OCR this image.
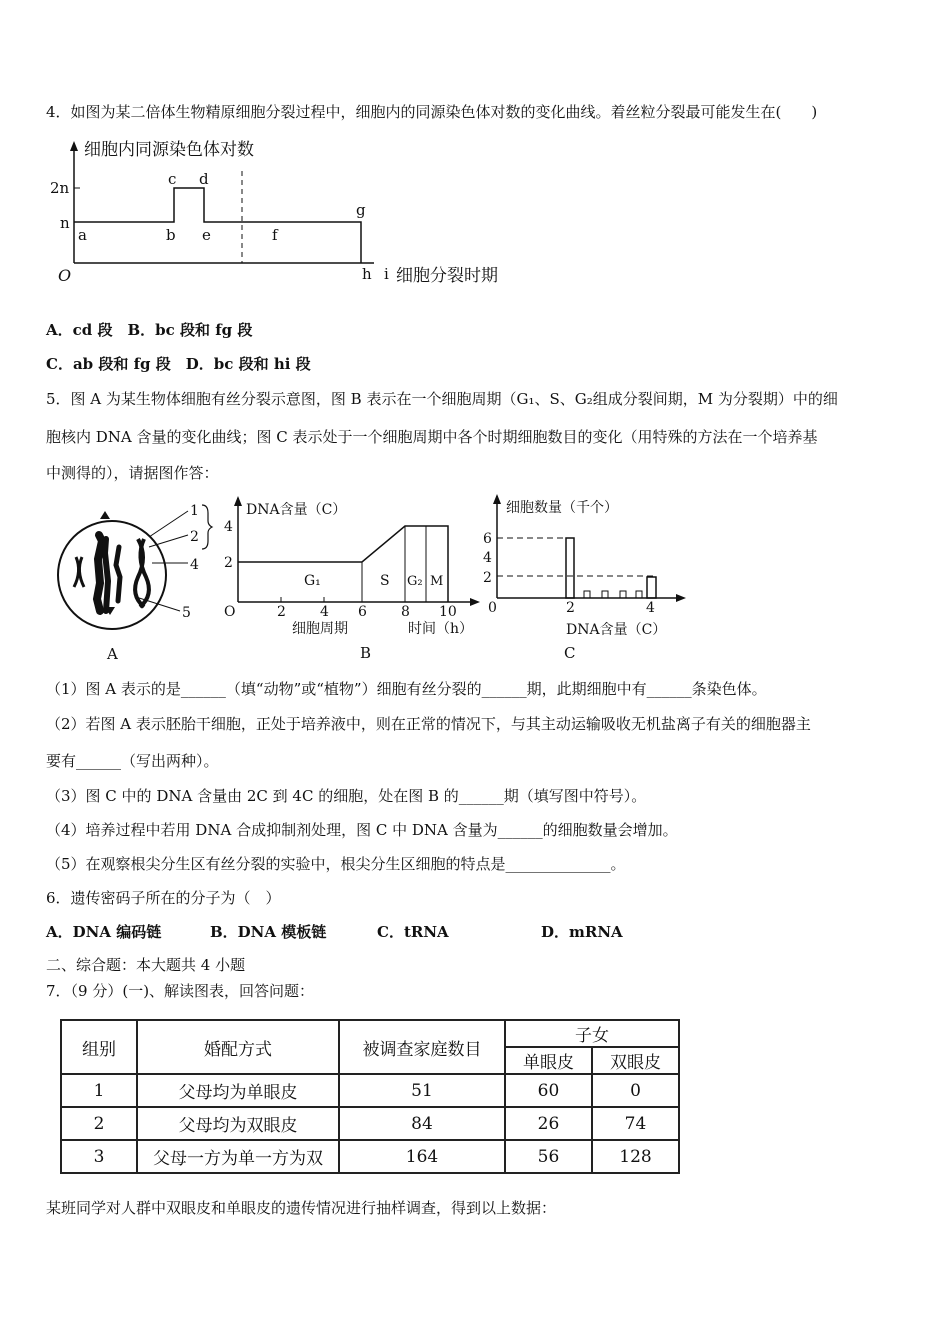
4．如图为某二倍体生物精原细胞分裂过程中，细胞内的同源染色体对数的变化曲线。着丝粒分裂最可能发生在(　　)
细胞内同源染色体对数
细胞分裂时期
O
2n
n
a	b
c d
e	f
g
h i
A．cd 段　B．bc 段和 fg 段
C．ab 段和 fg 段　D．bc 段和 hi 段
5．图 A 为某生物体细胞有丝分裂示意图，图 B 表示在一个细胞周期（G₁、S、G₂组成分裂间期，M 为分裂期）中的细
胞核内 DNA 含量的变化曲线；图 C 表示处于一个细胞周期中各个时期细胞数目的变化（用特殊的方法在一个培养基
中测得的），请据图作答：
1
2
4
5
A
DNA含量（C）
4
2
G₁	S G₂ M
O	2 4 6 8 10
细胞周期	时间（h）
B
细胞数量（千个）
6
4
2
0	2	4
DNA含量（C）
C
（1）图 A 表示的是______（填“动物”或“植物”）细胞有丝分裂的______期，此期细胞中有______条染色体。
（2）若图 A 表示胚胎干细胞，正处于培养液中，则在正常的情况下，与其主动运输吸收无机盐离子有关的细胞器主
要有______（写出两种）。
（3）图 C 中的 DNA 含量由 2C 到 4C 的细胞，处在图 B 的______期（填写图中符号）。
（4）培养过程中若用 DNA 合成抑制剂处理，图 C 中 DNA 含量为______的细胞数量会增加。
（5）在观察根尖分生区有丝分裂的实验中，根尖分生区细胞的特点是______________。
6．遗传密码子所在的分子为（　）
A．DNA 编码链	B．DNA 模板链	C．tRNA	D．mRNA
二、综合题：本大题共 4 小题
7．（9 分）(一)、解读图表，回答问题：
组别	婚配方式	被调查家庭数目	子女	
			单眼皮	双眼皮
1	父母均为单眼皮	51	60	0
2	父母均为双眼皮	84	26	74
3	父母一方为单一方为双	164	56	128
某班同学对人群中双眼皮和单眼皮的遗传情况进行抽样调查，得到以上数据：
